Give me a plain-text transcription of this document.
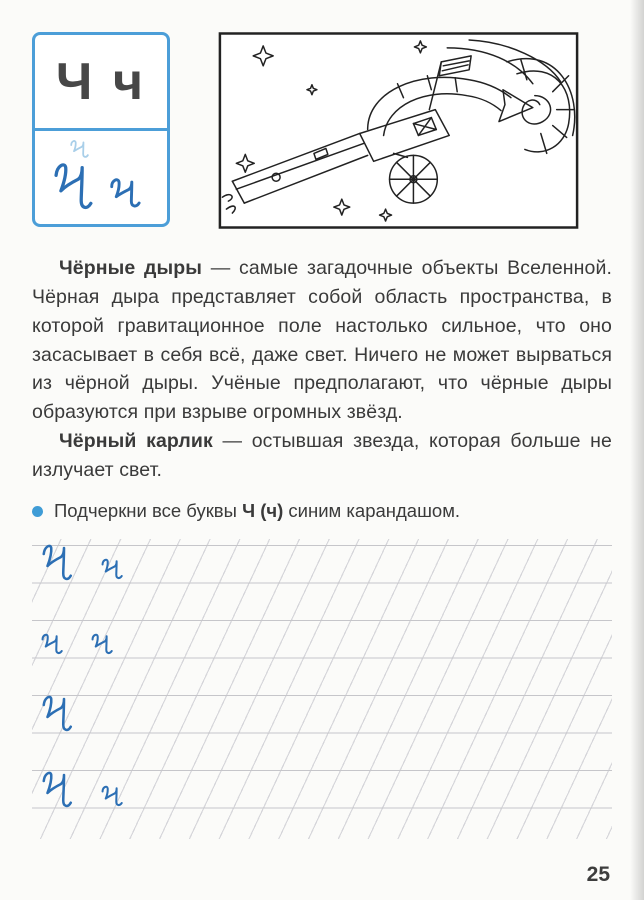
Ч ч

Чёрные дыры — самые загадочные объекты Вселенной. Чёрная дыра представляет собой область пространства, в которой гравитационное поле настолько сильное, что оно засасывает в себя всё, даже свет. Ничего не может вырваться из чёрной дыры. Учёные предполагают, что чёрные дыры образуются при взрыве огромных звёзд.

Чёрный карлик — остывшая звезда, которая больше не излучает свет.

Подчеркни все буквы Ч (ч) синим карандашом.
25
